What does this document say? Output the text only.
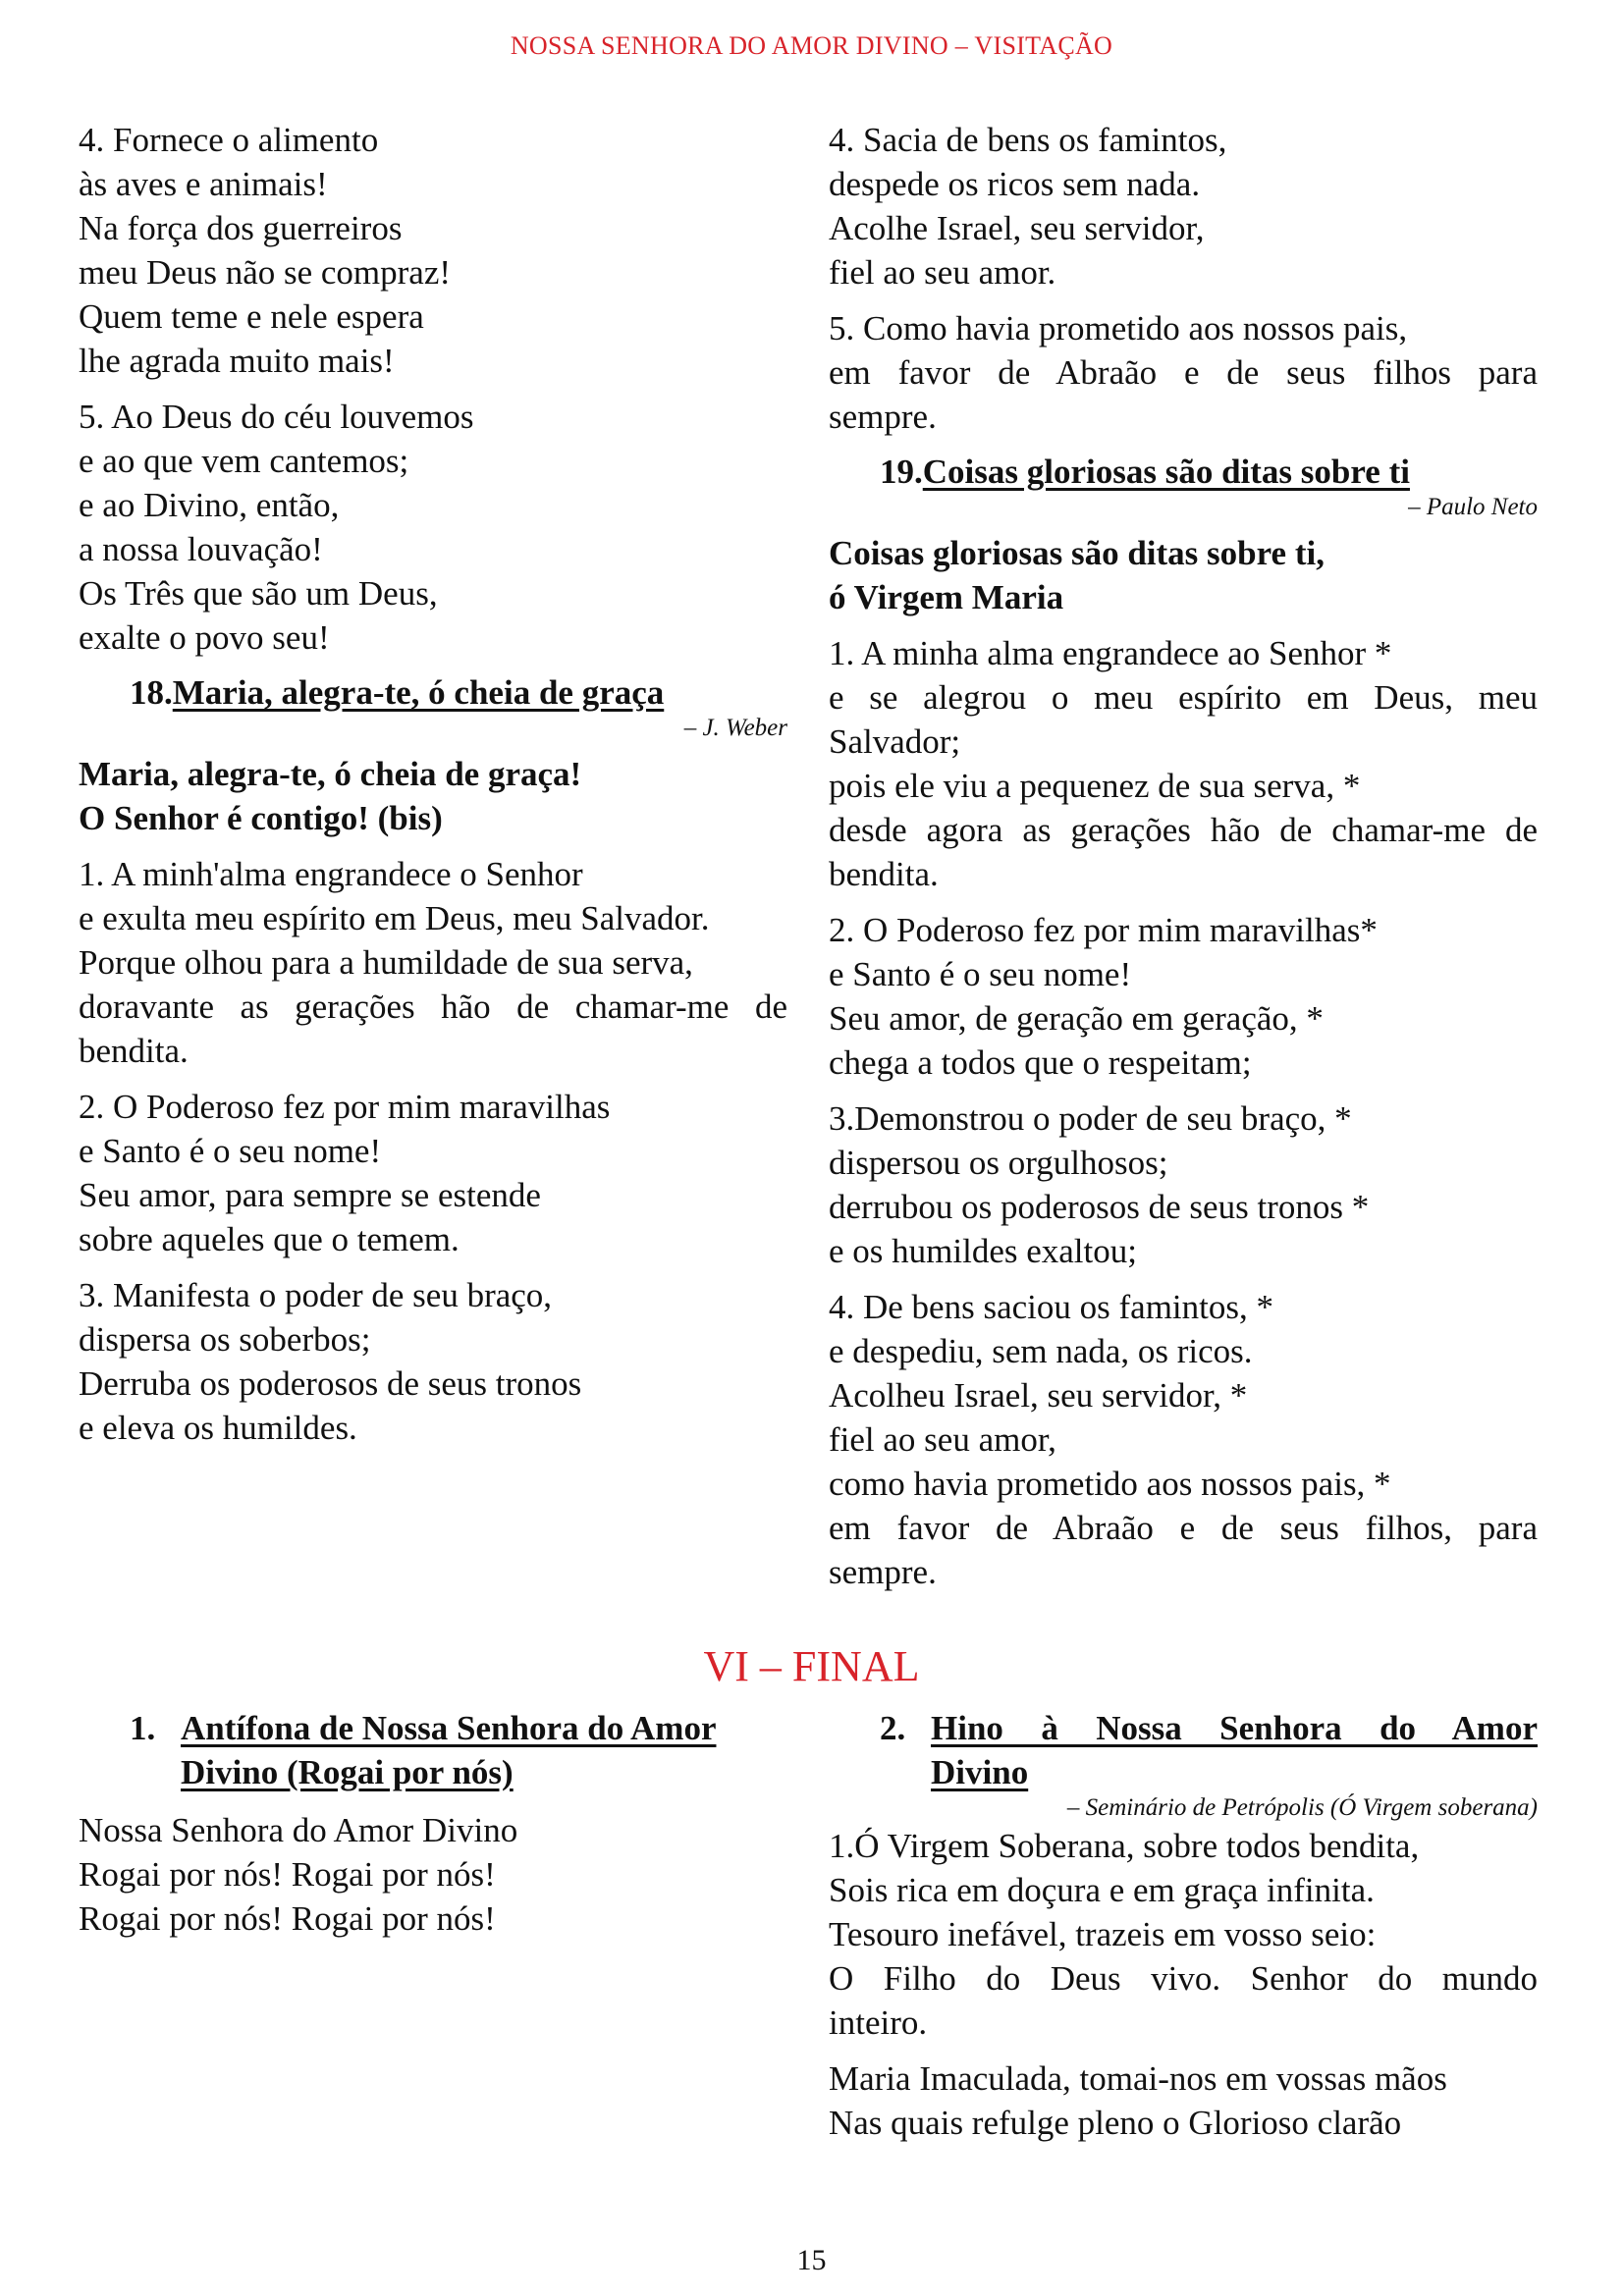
NOSSA SENHORA DO AMOR DIVINO – VISITAÇÃO
4. Fornece o alimento
às aves e animais!
Na força dos guerreiros
meu Deus não se compraz!
Quem teme e nele espera
lhe agrada muito mais!
5. Ao Deus do céu louvemos
e ao que vem cantemos;
e ao Divino, então,
a nossa louvação!
Os Três que são um Deus,
exalte o povo seu!
18.Maria, alegra-te, ó cheia de graça
– J. Weber
Maria, alegra-te, ó cheia de graça!
O Senhor é contigo! (bis)
1. A minh'alma engrandece o Senhor
e exulta meu espírito em Deus, meu Salvador.
Porque olhou para a humildade de sua serva,
doravante as gerações hão de chamar-me de
bendita.
2. O Poderoso fez por mim maravilhas
e Santo é o seu nome!
Seu amor, para sempre se estende
sobre aqueles que o temem.
3. Manifesta o poder de seu braço,
dispersa os soberbos;
Derruba os poderosos de seus tronos
e eleva os humildes.
4. Sacia de bens os famintos,
despede os ricos sem nada.
Acolhe Israel, seu servidor,
fiel ao seu amor.
5. Como havia prometido aos nossos pais,
em favor de Abraão e de seus filhos para
sempre.
19.Coisas gloriosas são ditas sobre ti
– Paulo Neto
Coisas gloriosas são ditas sobre ti,
ó Virgem Maria
1. A minha alma engrandece ao Senhor *
e se alegrou o meu espírito em Deus, meu
Salvador;
pois ele viu a pequenez de sua serva, *
desde agora as gerações hão de chamar-me de
bendita.
2. O Poderoso fez por mim maravilhas*
e Santo é o seu nome!
Seu amor, de geração em geração, *
chega a todos que o respeitam;
3.Demonstrou o poder de seu braço, *
dispersou os orgulhosos;
derrubou os poderosos de seus tronos *
e os humildes exaltou;
4. De bens saciou os famintos, *
e despediu, sem nada, os ricos.
Acolheu Israel, seu servidor, *
fiel ao seu amor,
como havia prometido aos nossos pais, *
em favor de Abraão e de seus filhos, para
sempre.
VI – FINAL
1. Antífona de Nossa Senhora do Amor
Divino (Rogai por nós)
Nossa Senhora do Amor Divino
Rogai por nós! Rogai por nós!
Rogai por nós! Rogai por nós!
2. Hino à Nossa Senhora do Amor
Divino
– Seminário de Petrópolis (Ó Virgem soberana)
1.Ó Virgem Soberana, sobre todos bendita,
Sois rica em doçura e em graça infinita.
Tesouro inefável, trazeis em vosso seio:
O Filho do Deus vivo. Senhor do mundo
inteiro.
Maria Imaculada, tomai-nos em vossas mãos
Nas quais refulge pleno o Glorioso clarão
15
